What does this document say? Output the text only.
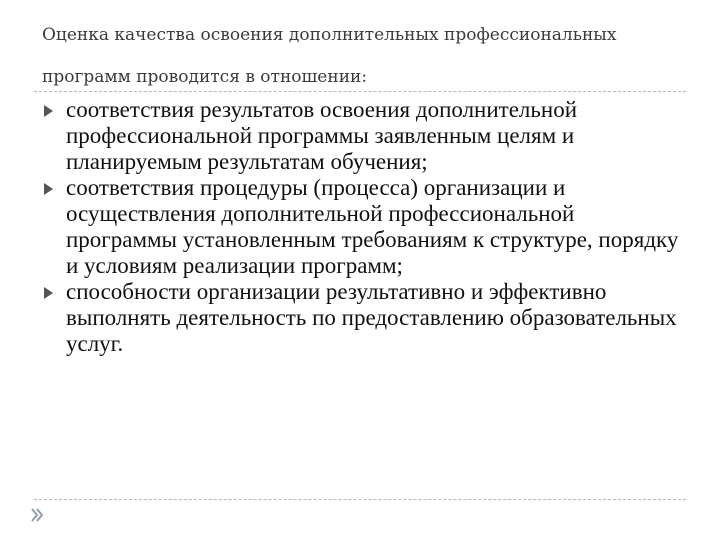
Оценка качества освоения дополнительных профессиональных программ проводится в отношении:
соответствия результатов освоения дополнительной профессиональной программы заявленным целям и планируемым результатам обучения;
соответствия процедуры (процесса) организации и осуществления дополнительной профессиональной программы установленным требованиям к структуре, порядку и условиям реализации программ;
способности организации результативно и эффективно выполнять деятельность по предоставлению образовательных услуг.
